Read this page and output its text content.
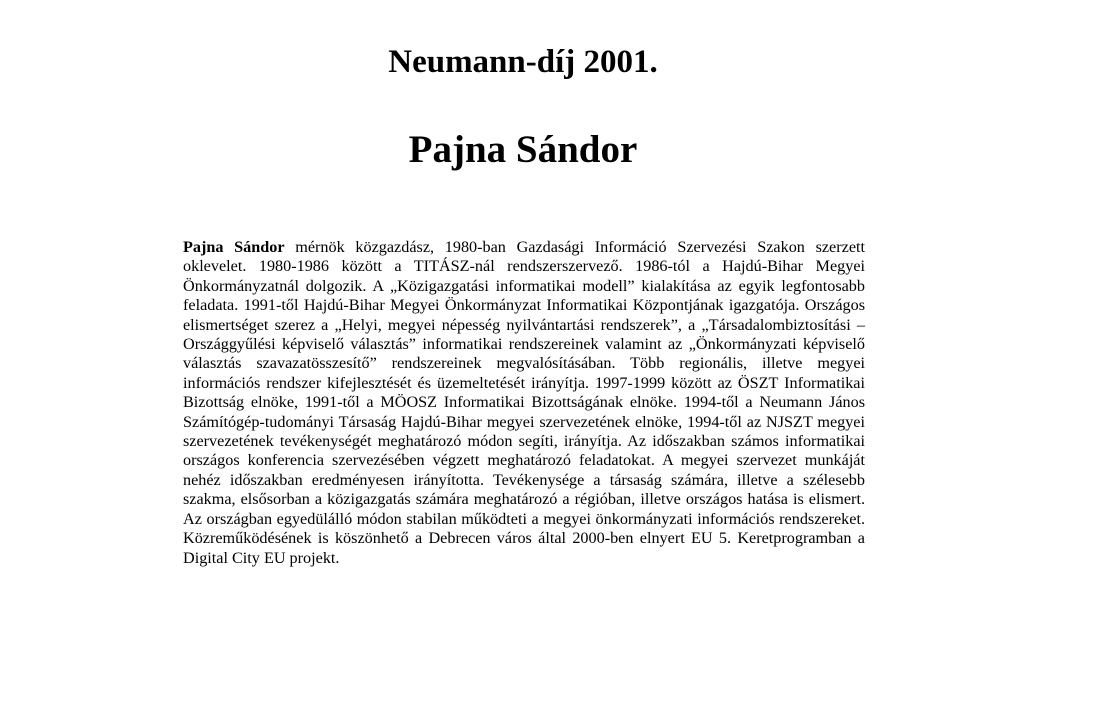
Neumann-díj 2001.
Pajna Sándor

Pajna Sándor mérnök közgazdász, 1980-ban Gazdasági Információ Szervezési Szakon szerzett oklevelet. 1980-1986 között a TITÁSZ-nál rendszerszervező. 1986-tól a Hajdú-Bihar Megyei Önkormányzatnál dolgozik. A „Közigazgatási informatikai modell” kialakítása az egyik legfontosabb feladata. 1991-től Hajdú-Bihar Megyei Önkormányzat Informatikai Központjának igazgatója. Országos elismertséget szerez a „Helyi, megyei népesség nyilvántartási rendszerek”, a „Társadalombiztosítási – Országgyűlési képviselő választás” informatikai rendszereinek valamint az „Önkormányzati képviselő választás szavazatösszesítő” rendszereinek megvalósításában. Több regionális, illetve megyei információs rendszer kifejlesztését és üzemeltetését irányítja. 1997-1999 között az ÖSZT Informatikai Bizottság elnöke, 1991-től a MÖOSZ Informatikai Bizottságának elnöke. 1994-től a Neumann János Számítógép-tudományi Társaság Hajdú-Bihar megyei szervezetének elnöke, 1994-től az NJSZT megyei szervezetének tevékenységét meghatározó módon segíti, irányítja. Az időszakban számos informatikai országos konferencia szervezésében végzett meghatározó feladatokat. A megyei szervezet munkáját nehéz időszakban eredményesen irányította. Tevékenysége a társaság számára, illetve a szélesebb szakma, elsősorban a közigazgatás számára meghatározó a régióban, illetve országos hatása is elismert. Az országban egyedülálló módon stabilan működteti a megyei önkormányzati információs rendszereket. Közreműködésének is köszönhető a Debrecen város által 2000-ben elnyert EU 5. Keretprogramban a Digital City EU projekt.
